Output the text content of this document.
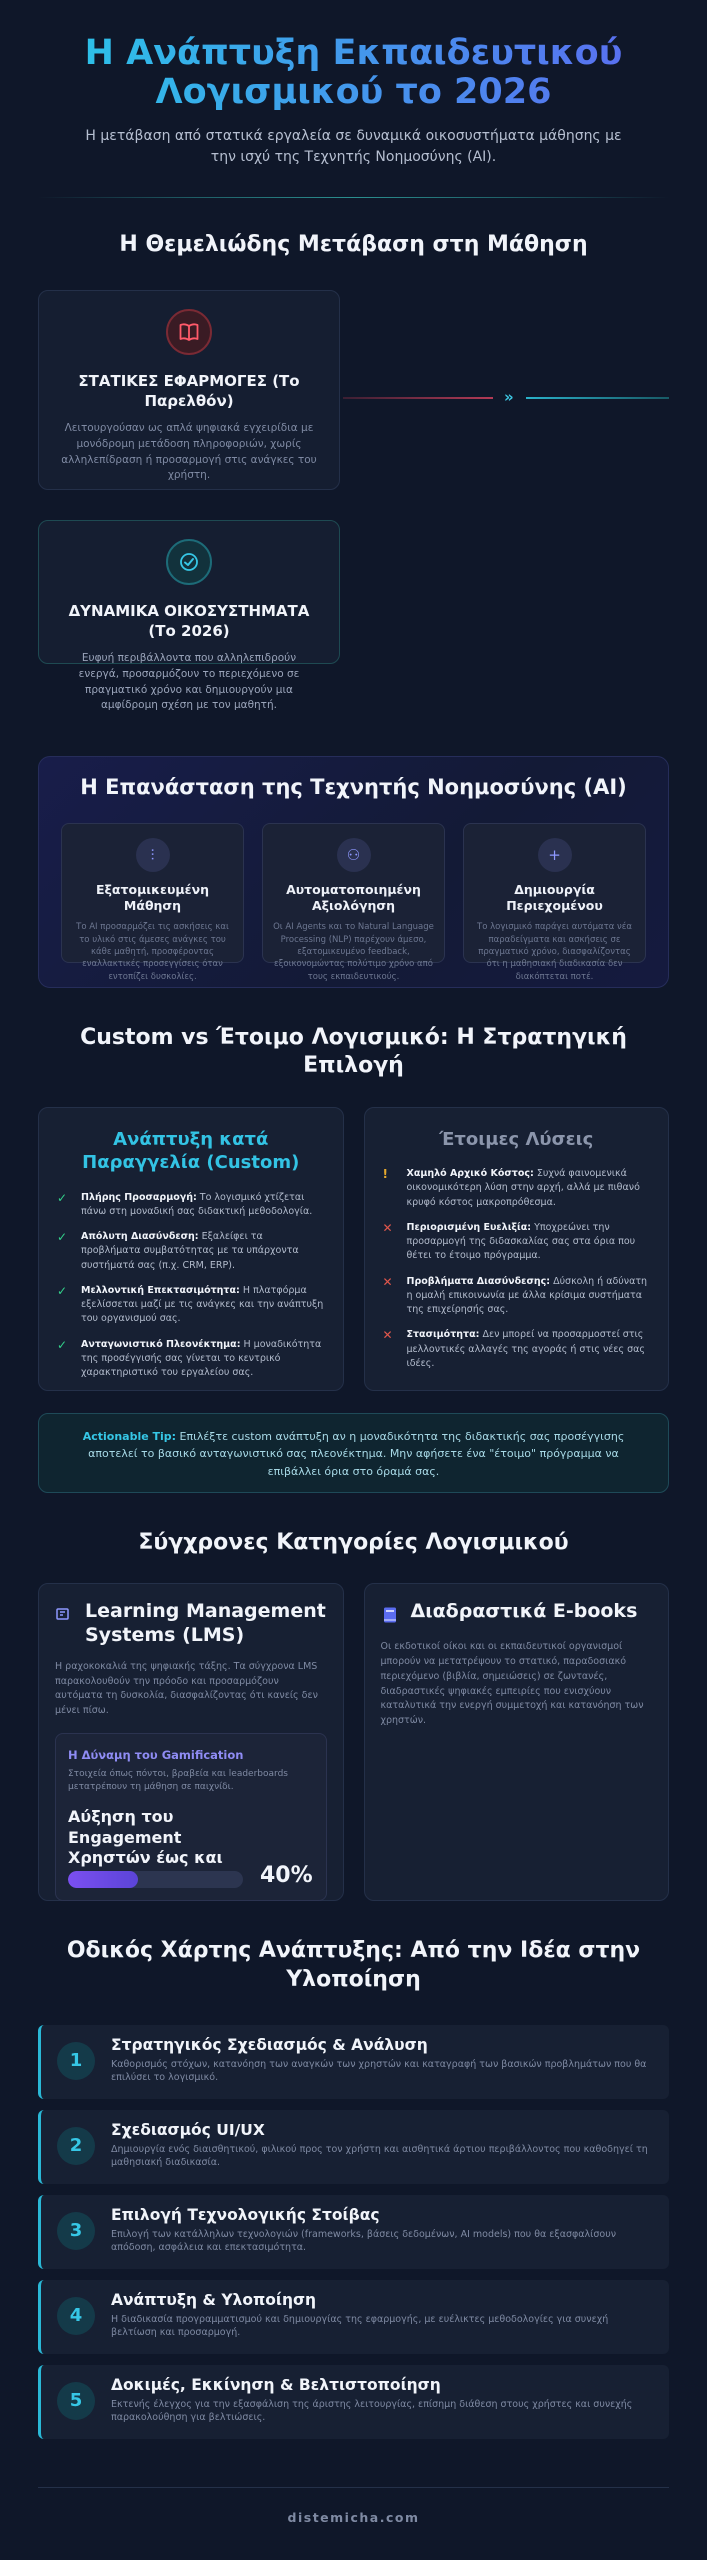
Η Ανάπτυξη Εκπαιδευτικού Λογισμικού το 2026

Η μετάβαση από στατικά εργαλεία σε δυναμικά οικοσυστήματα μάθησης με την ισχύ της Τεχνητής Νοημοσύνης (AI).

Η Θεμελιώδης Μετάβαση στη Μάθηση
ΣΤΑΤΙΚΕΣ ΕΦΑΡΜΟΓΕΣ (Το Παρελθόν)

Λειτουργούσαν ως απλά ψηφιακά εγχειρίδια με μονόδρομη μετάδοση πληροφοριών, χωρίς αλληλεπίδραση ή προσαρμογή στις ανάγκες του χρήστη.

»
ΔΥΝΑΜΙΚΑ ΟΙΚΟΣΥΣΤΗΜΑΤΑ (Το 2026)

Ευφυή περιβάλλοντα που αλληλεπιδρούν ενεργά, προσαρμόζουν το περιεχόμενο σε πραγματικό χρόνο και δημιουργούν μια αμφίδρομη σχέση με τον μαθητή.

Η Επανάσταση της Τεχνητής Νοημοσύνης (AI)
⫶
Εξατομικευμένη Μάθηση

Το AI προσαρμόζει τις ασκήσεις και το υλικό στις άμεσες ανάγκες του κάθε μαθητή, προσφέροντας εναλλακτικές προσεγγίσεις όταν εντοπίζει δυσκολίες.

⚇
Αυτοματοποιημένη Αξιολόγηση

Οι AI Agents και το Natural Language Processing (NLP) παρέχουν άμεσο, εξατομικευμένο feedback, εξοικονομώντας πολύτιμο χρόνο από τους εκπαιδευτικούς.

+
Δημιουργία Περιεχομένου

Το λογισμικό παράγει αυτόματα νέα παραδείγματα και ασκήσεις σε πραγματικό χρόνο, διασφαλίζοντας ότι η μαθησιακή διαδικασία δεν διακόπτεται ποτέ.

Custom vs Έτοιμο Λογισμικό: Η Στρατηγική Επιλογή
Ανάπτυξη κατά Παραγγελία (Custom)
✓	Πλήρης Προσαρμογή: Το λογισμικό χτίζεται πάνω στη μοναδική σας διδακτική μεθοδολογία.
✓	Απόλυτη Διασύνδεση: Εξαλείφει τα προβλήματα συμβατότητας με τα υπάρχοντα συστήματά σας (π.χ. CRM, ERP).
✓	Μελλοντική Επεκτασιμότητα: Η πλατφόρμα εξελίσσεται μαζί με τις ανάγκες και την ανάπτυξη του οργανισμού σας.
✓	Ανταγωνιστικό Πλεονέκτημα: Η μοναδικότητα της προσέγγισής σας γίνεται το κεντρικό χαρακτηριστικό του εργαλείου σας.
Έτοιμες Λύσεις
!	Χαμηλό Αρχικό Κόστος: Συχνά φαινομενικά οικονομικότερη λύση στην αρχή, αλλά με πιθανό κρυφό κόστος μακροπρόθεσμα.
✕	Περιορισμένη Ευελιξία: Υποχρεώνει την προσαρμογή της διδασκαλίας σας στα όρια που θέτει το έτοιμο πρόγραμμα.
✕	Προβλήματα Διασύνδεσης: Δύσκολη ή αδύνατη η ομαλή επικοινωνία με άλλα κρίσιμα συστήματα της επιχείρησής σας.
✕	Στασιμότητα: Δεν μπορεί να προσαρμοστεί στις μελλοντικές αλλαγές της αγοράς ή στις νέες σας ιδέες.
Actionable Tip: Επιλέξτε custom ανάπτυξη αν η μοναδικότητα της διδακτικής σας προσέγγισης αποτελεί το βασικό ανταγωνιστικό σας πλεονέκτημα. Μην αφήσετε ένα "έτοιμο" πρόγραμμα να επιβάλλει όρια στο όραμά σας.
Σύγχρονες Κατηγορίες Λογισμικού
Learning Management Systems (LMS)

Η ραχοκοκαλιά της ψηφιακής τάξης. Τα σύγχρονα LMS παρακολουθούν την πρόοδο και προσαρμόζουν αυτόματα τη δυσκολία, διασφαλίζοντας ότι κανείς δεν μένει πίσω.

Η Δύναμη του Gamification

Στοιχεία όπως πόντοι, βραβεία και leaderboards μετατρέπουν τη μάθηση σε παιχνίδι.

Αύξηση του Engagement Χρηστών έως και
40%
Διαδραστικά E-books

Οι εκδοτικοί οίκοι και οι εκπαιδευτικοί οργανισμοί μπορούν να μετατρέψουν το στατικό, παραδοσιακό περιεχόμενο (βιβλία, σημειώσεις) σε ζωντανές, διαδραστικές ψηφιακές εμπειρίες που ενισχύουν καταλυτικά την ενεργή συμμετοχή και κατανόηση των χρηστών.

Οδικός Χάρτης Ανάπτυξης: Από την Ιδέα στην Υλοποίηση
1
Στρατηγικός Σχεδιασμός & Ανάλυση

Καθορισμός στόχων, κατανόηση των αναγκών των χρηστών και καταγραφή των βασικών προβλημάτων που θα επιλύσει το λογισμικό.

2
Σχεδιασμός UI/UX

Δημιουργία ενός διαισθητικού, φιλικού προς τον χρήστη και αισθητικά άρτιου περιβάλλοντος που καθοδηγεί τη μαθησιακή διαδικασία.

3
Επιλογή Τεχνολογικής Στοίβας

Επιλογή των κατάλληλων τεχνολογιών (frameworks, βάσεις δεδομένων, AI models) που θα εξασφαλίσουν απόδοση, ασφάλεια και επεκτασιμότητα.

4
Ανάπτυξη & Υλοποίηση

Η διαδικασία προγραμματισμού και δημιουργίας της εφαρμογής, με ευέλικτες μεθοδολογίες για συνεχή βελτίωση και προσαρμογή.

5
Δοκιμές, Εκκίνηση & Βελτιστοποίηση

Εκτενής έλεγχος για την εξασφάλιση της άριστης λειτουργίας, επίσημη διάθεση στους χρήστες και συνεχής παρακολούθηση για βελτιώσεις.

distemicha.com
